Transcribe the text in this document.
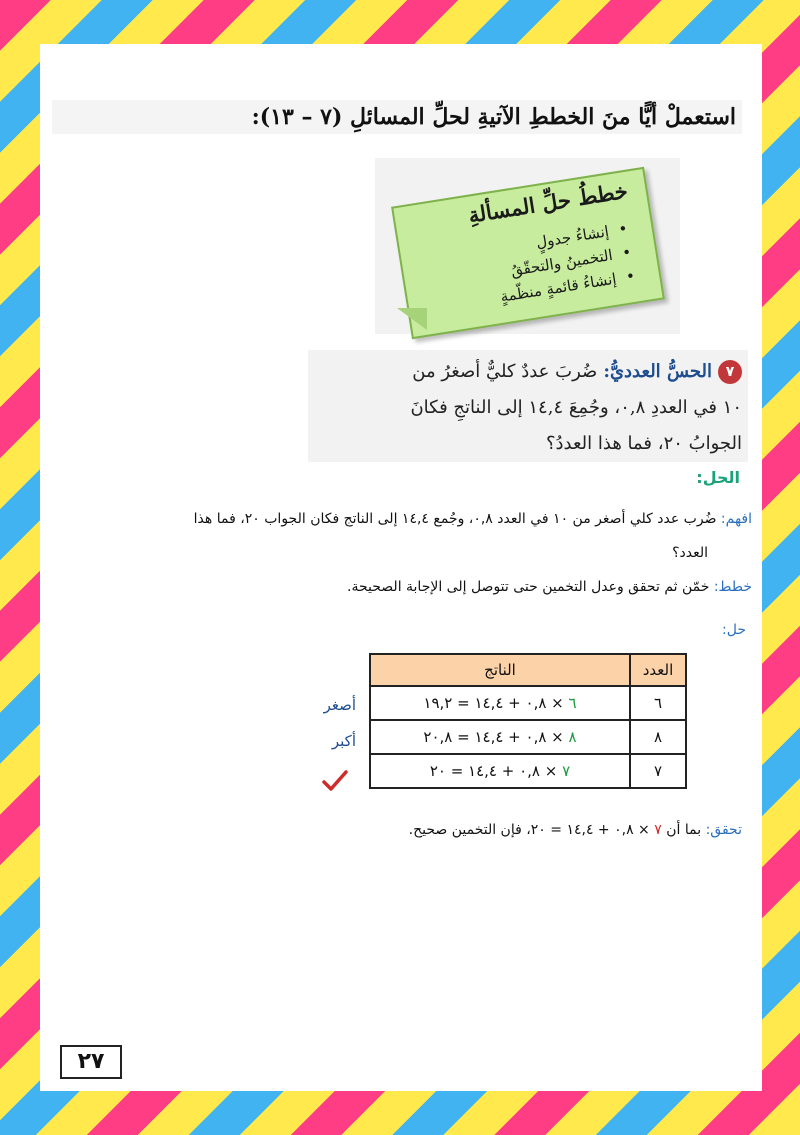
استعملْ أيًّا منَ الخططِ الآتيةِ لحلِّ المسائلِ (٧ – ١٣):
خططُ حلِّ المسألةِ
• إنشاءُ جدولٍ
• التخمينُ والتحقّقُ
• إنشاءُ قائمةٍ منظّمةٍ
٧الحسُّ العدديُّ:ضُربَ عددٌ كليٌّ أصغرُ من
١٠ في العددِ ٠,٨، وجُمِعَ ١٤,٤ إلى الناتجِ فكانَ
الجوابُ ٢٠، فما هذا العددُ؟
الحل:
افهم: ضُرب عدد كلي أصغر من ١٠ في العدد ٠,٨، وجُمع ١٤,٤ إلى الناتج فكان الجواب ٢٠، فما هذا
العدد؟
خطط: خمّن ثم تحقق وعدل التخمين حتى تتوصل إلى الإجابة الصحيحة.
حل:
العدد	الناتج
٦	٦ × ٠,٨ + ١٤,٤ = ١٩,٢
٨	٨ × ٠,٨ + ١٤,٤ = ٢٠,٨
٧	٧ × ٠,٨ + ١٤,٤ = ٢٠
أصغر
أكبر
تحقق: بما أن ٧ × ٠,٨ + ١٤,٤ = ٢٠، فإن التخمين صحيح.
٢٧
